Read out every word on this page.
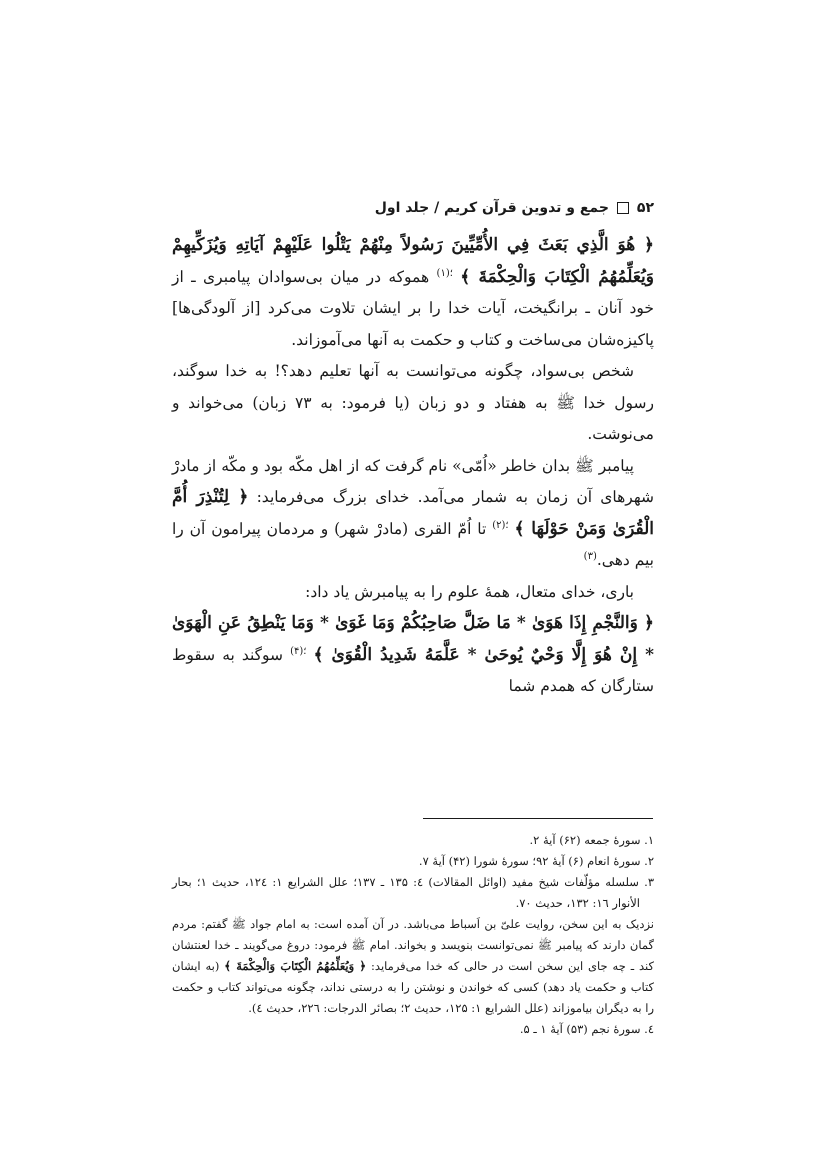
۵۲
جمع و تدوین قرآن کریم / جلد اول

﴿ هُوَ الَّذِي بَعَثَ فِي الأُمِّيِّينَ رَسُولاً مِنْهُمْ يَتْلُوا عَلَيْهِمْ آيَاتِهِ وَيُزَكِّيهِمْ وَيُعَلِّمُهُمُ الْكِتَابَ وَالْحِكْمَةَ ﴾ $^{؛(۱)}$ هموکه در میان بی‌سوادان پیامبری ـ از خود آنان ـ برانگیخت، آیات خدا را بر ایشان تلاوت می‌کرد [از آلودگی‌ها] پاکیزه‌شان می‌ساخت و کتاب و حکمت به آنها می‌آموزاند.

شخص بی‌سواد، چگونه می‌توانست به آنها تعلیم دهد؟! به خدا سوگند، رسول خدا ﷺ به هفتاد و دو زبان (یا فرمود: به ۷۳ زبان) می‌خواند و می‌نوشت.

پیامبر ﷺ بدان خاطر «اُمّی» نام گرفت که از اهل مکّه بود و مکّه از مادرْ شهرهای آن زمان به شمار می‌آمد. خدای بزرگ می‌فرماید: ﴿ لِتُنْذِرَ أُمَّ الْقُرَىٰ وَمَنْ حَوْلَهَا ﴾ $^{؛(۲)}$ تا اُمّ القری (مادرْ شهر) و مردمان پیرامون آن را بیم دهی.$^{(۳)}$

باری، خدای متعال، همهٔ علوم را به پیامبرش یاد داد:

﴿ وَالنَّجْمِ إِذَا هَوَىٰ * مَا ضَلَّ صَاحِبُكُمْ وَمَا غَوَىٰ * وَمَا يَنْطِقُ عَنِ الْهَوَىٰ * إِنْ هُوَ إِلَّا وَحْيٌ يُوحَىٰ * عَلَّمَهُ شَدِيدُ الْقُوَىٰ ﴾ $^{؛(۴)}$ سوگند به سقوط ستارگان که همدم شما

۱. سورهٔ جمعه (۶۲) آیهٔ ۲.

۲. سورهٔ انعام (۶) آیهٔ ۹۲؛ سورهٔ شورا (۴۲) آیهٔ ۷.

۳. سلسله مؤلّفات شیخ مفید (اوائل المقالات) ٤: ۱۳۵ ـ ۱۳۷؛ علل الشرایع ۱: ۱۲٤، حدیث ۱؛ بحار الأنوار ۱٦: ۱۳۲، حدیث ۷۰.

نزدیک به این سخن، روایت علیّ بن اَسباط می‌باشد. در آن آمده است: به امام جواد ﷺ گفتم: مردم گمان دارند که پیامبر ﷺ نمی‌توانست بنویسد و بخواند. امام ﷺ فرمود: دروغ می‌گویند ـ خدا لعنتشان کند ـ چه جای این سخن است در حالی که خدا می‌فرماید: ﴿ وَيُعَلِّمُهُمُ الْكِتَابَ وَالْحِكْمَةَ ﴾ (به ایشان کتاب و حکمت یاد دهد) کسی که خواندن و نوشتن را به درستی نداند، چگونه می‌تواند کتاب و حکمت را به دیگران بیاموزاند (علل الشرایع ۱: ۱۲۵، حدیث ۲؛ بصائر الدرجات: ۲۲٦، حدیث ٤).

٤. سورهٔ نجم (۵۳) آیهٔ ۱ ـ ۵.
